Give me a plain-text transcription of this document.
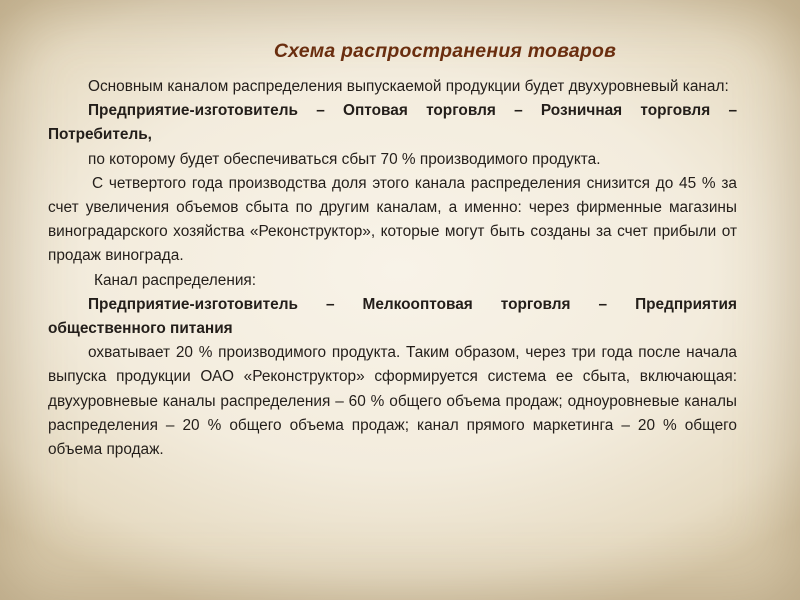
Схема распространения товаров

Основным каналом распределения выпускаемой продукции будет двухуровневый канал:

Предприятие-изготовитель – Оптовая торговля – Розничная торговля – Потребитель,

по которому будет обеспечиваться сбыт 70 % производимого продукта.

С четвертого года производства доля этого канала распределения снизится до 45 % за счет увеличения объемов сбыта по другим каналам, а именно: через фирменные магазины виноградарского хозяйства «Реконструктор», которые могут быть созданы за счет прибыли от продаж винограда.

Канал распределения:

Предприятие-изготовитель – Мелкооптовая торговля – Предприятия общественного питания

охватывает 20 % производимого продукта. Таким образом, через три года после начала выпуска продукции ОАО «Реконструктор» сформируется система ее сбыта, включающая: двухуровневые каналы распределения – 60 % общего объема продаж; одноуровневые каналы распределения – 20 % общего объема продаж; канал прямого маркетинга – 20 % общего объема продаж.
